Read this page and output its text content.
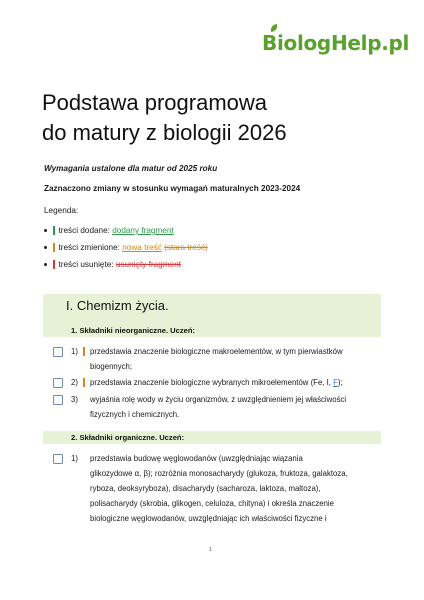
BiologHelp.pl
Podstawa programowa
do matury z biologii 2026
Wymagania ustalone dla matur od 2025 roku
Zaznaczono zmiany w stosunku wymagań maturalnych 2023-2024
Legenda:
treści dodane:
dodany fragment
treści zmienione:
nowa treść
(stara treść)
treści usunięte:
usunięty fragment
I. Chemizm życia.
1. Składniki nieorganiczne. Uczeń:
1) przedstawia znaczenie biologiczne makroelementów, w tym pierwiastków
biogennych;
2) przedstawia znaczenie biologiczne wybranych mikroelementów (Fe, I, F);
3) wyjaśnia rolę wody w życiu organizmów, z uwzględnieniem jej właściwości
fizycznych i chemicznych.
2. Składniki organiczne. Uczeń:
1) przedstawia budowę węglowodanów (uwzględniając wiązania
glikozydowe α, β); rozróżnia monosacharydy (glukoza, fruktoza, galaktoza,
ryboza, deoksyryboza), disacharydy (sacharoza, laktoza, maltoza),
polisacharydy (skrobia, glikogen, celuloza, chityna) i określa znaczenie
biologiczne węglowodanów, uwzględniając ich właściwości fizyczne i
1
